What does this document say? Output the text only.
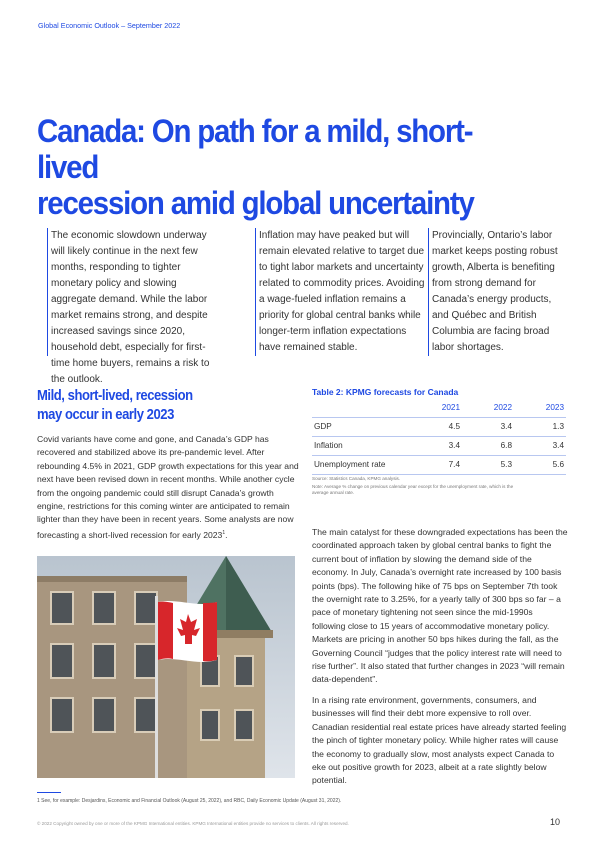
Global Economic Outlook – September 2022
Canada: On path for a mild, short-lived
recession amid global uncertainty
The economic slowdown underway will likely continue in the next few months, responding to tighter monetary policy and slowing aggregate demand. While the labor market remains strong, and despite increased savings since 2020, household debt, especially for first-time home buyers, remains a risk to the outlook.
Inflation may have peaked but will remain elevated relative to target due to tight labor markets and uncertainty related to commodity prices. Avoiding a wage-fueled inflation remains a priority for global central banks while longer-term inflation expectations have remained stable.
Provincially, Ontario’s labor market keeps posting robust growth, Alberta is benefiting from strong demand for Canada’s energy products, and Québec and British Columbia are facing broad labor shortages.
Mild, short-lived, recession
may occur in early 2023

Covid variants have come and gone, and Canada’s GDP has recovered and stabilized above its pre-pandemic level. After rebounding 4.5% in 2021, GDP growth expectations for this year and next have been revised down in recent months. While another cycle from the ongoing pandemic could still disrupt Canada’s growth engine, restrictions for this coming winter are anticipated to remain lighter than they have been in recent years. Some analysts are now forecasting a short-lived recession for early 2023$^1$.

Table 2: KPMG forecasts for Canada
	2021	2022	2023
GDP	4.5	3.4	1.3
Inflation	3.4	6.8	3.4
Unemployment rate	7.4	5.3	5.6
Source: Statistics Canada, KPMG analysis.
Note: Average % change on previous calendar year except for the unemployment rate, which is the average annual rate.

The main catalyst for these downgraded expectations has been the coordinated approach taken by global central banks to fight the current bout of inflation by slowing the demand side of the economy. In July, Canada’s overnight rate increased by 100 basis points (bps). The following hike of 75 bps on September 7th took the overnight rate to 3.25%, for a yearly tally of 300 bps so far – a pace of monetary tightening not seen since the mid-1990s following close to 15 years of accommodative monetary policy. Markets are pricing in another 50 bps hikes during the fall, as the Governing Council “judges that the policy interest rate will need to rise further”. It also stated that further changes in 2023 “will remain data-dependent”.

In a rising rate environment, governments, consumers, and businesses will find their debt more expensive to roll over. Canadian residential real estate prices have already started feeling the pinch of tighter monetary policy. While higher rates will cause the economy to gradually slow, most analysts expect Canada to eke out positive growth for 2023, albeit at a rate slightly below potential.

1 See, for example: Desjardins, Economic and Financial Outlook (August 25, 2022), and RBC, Daily Economic Update (August 31, 2022).
© 2022 Copyright owned by one or more of the KPMG International entities. KPMG International entities provide no services to clients. All rights reserved.	10
